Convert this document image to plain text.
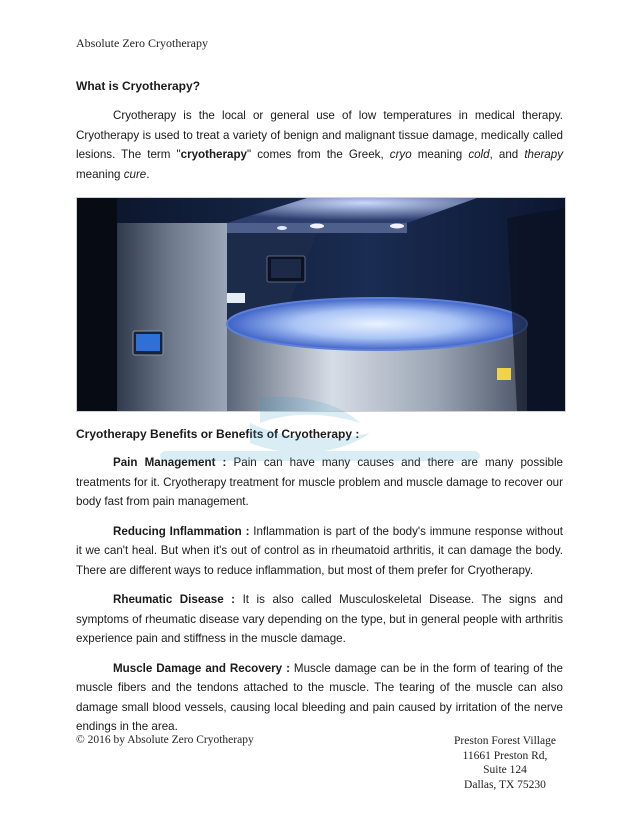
Absolute Zero Cryotherapy
What is Cryotherapy?

Cryotherapy is the local or general use of low temperatures in medical therapy. Cryotherapy is used to treat a variety of benign and malignant tissue damage, medically called lesions. The term "cryotherapy" comes from the Greek, cryo meaning cold, and therapy meaning cure.

Cryotherapy Benefits or Benefits of Cryotherapy :

Pain Management : Pain can have many causes and there are many possible treatments for it. Cryotherapy treatment for muscle problem and muscle damage to recover our body fast from pain management.

Reducing Inflammation : Inflammation is part of the body's immune response without it we can't heal. But when it's out of control as in rheumatoid arthritis, it can damage the body. There are different ways to reduce inflammation, but most of them prefer for Cryotherapy.

Rheumatic Disease : It is also called Musculoskeletal Disease. The signs and symptoms of rheumatic disease vary depending on the type, but in general people with arthritis experience pain and stiffness in the muscle damage.

Muscle Damage and Recovery : Muscle damage can be in the form of tearing of the muscle fibers and the tendons attached to the muscle. The tearing of the muscle can also damage small blood vessels, causing local bleeding and pain caused by irritation of the nerve endings in the area.

© 2016 by Absolute Zero Cryotherapy	Preston Forest Village
11661 Preston Rd,
Suite 124
Dallas, TX 75230
